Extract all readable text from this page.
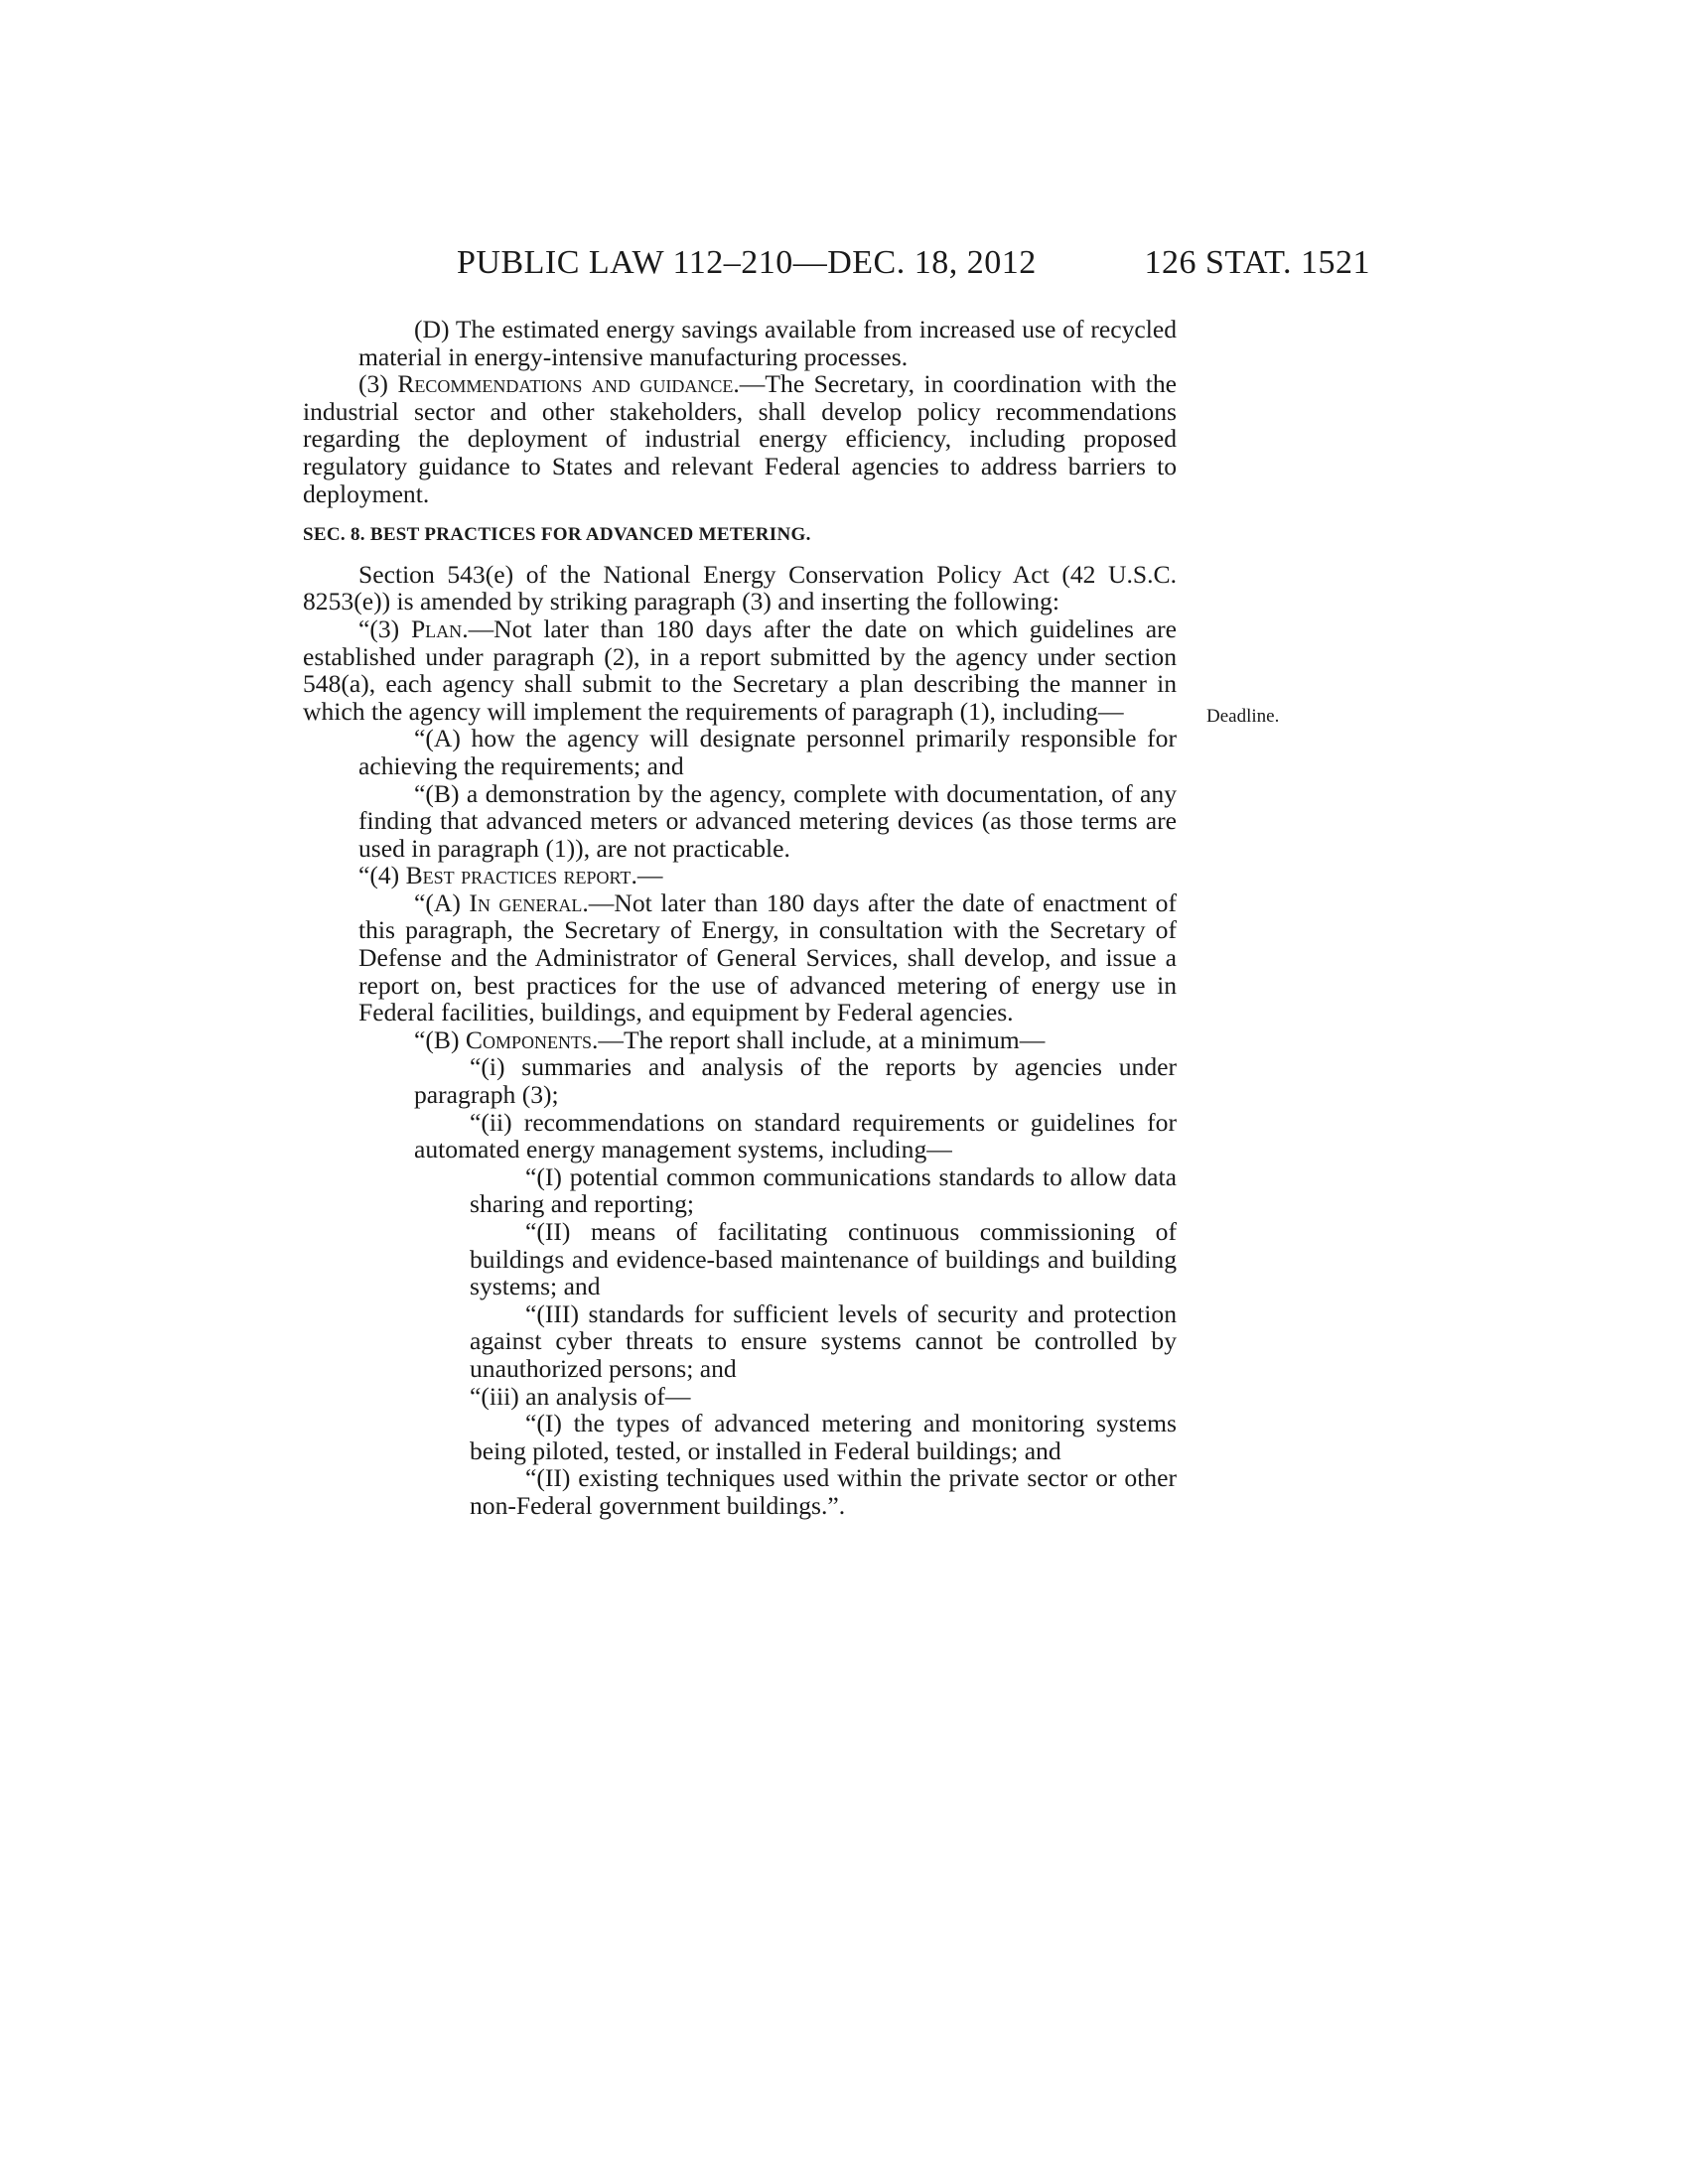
PUBLIC LAW 112–210—DEC. 18, 2012	126 STAT. 1521
Deadline.

(D) The estimated energy savings available from increased use of recycled material in energy-intensive manufacturing processes.

(3) Recommendations and guidance.—The Secretary, in coordination with the industrial sector and other stakeholders, shall develop policy recommendations regarding the deployment of industrial energy efficiency, including proposed regulatory guidance to States and relevant Federal agencies to address barriers to deployment.

SEC. 8. BEST PRACTICES FOR ADVANCED METERING.

Section 543(e) of the National Energy Conservation Policy Act (42 U.S.C. 8253(e)) is amended by striking paragraph (3) and inserting the following:

“(3) Plan.—Not later than 180 days after the date on which guidelines are established under paragraph (2), in a report submitted by the agency under section 548(a), each agency shall submit to the Secretary a plan describing the manner in which the agency will implement the requirements of paragraph (1), including—

“(A) how the agency will designate personnel primarily responsible for achieving the requirements; and

“(B) a demonstration by the agency, complete with documentation, of any finding that advanced meters or advanced metering devices (as those terms are used in paragraph (1)), are not practicable.

“(4) Best practices report.—

“(A) In general.—Not later than 180 days after the date of enactment of this paragraph, the Secretary of Energy, in consultation with the Secretary of Defense and the Administrator of General Services, shall develop, and issue a report on, best practices for the use of advanced metering of energy use in Federal facilities, buildings, and equipment by Federal agencies.

“(B) Components.—The report shall include, at a minimum—

“(i) summaries and analysis of the reports by agencies under paragraph (3);

“(ii) recommendations on standard requirements or guidelines for automated energy management systems, including—

“(I) potential common communications standards to allow data sharing and reporting;

“(II) means of facilitating continuous commissioning of buildings and evidence-based maintenance of buildings and building systems; and

“(III) standards for sufficient levels of security and protection against cyber threats to ensure systems cannot be controlled by unauthorized persons; and

“(iii) an analysis of—

“(I) the types of advanced metering and monitoring systems being piloted, tested, or installed in Federal buildings; and

“(II) existing techniques used within the private sector or other non-Federal government buildings.”.
